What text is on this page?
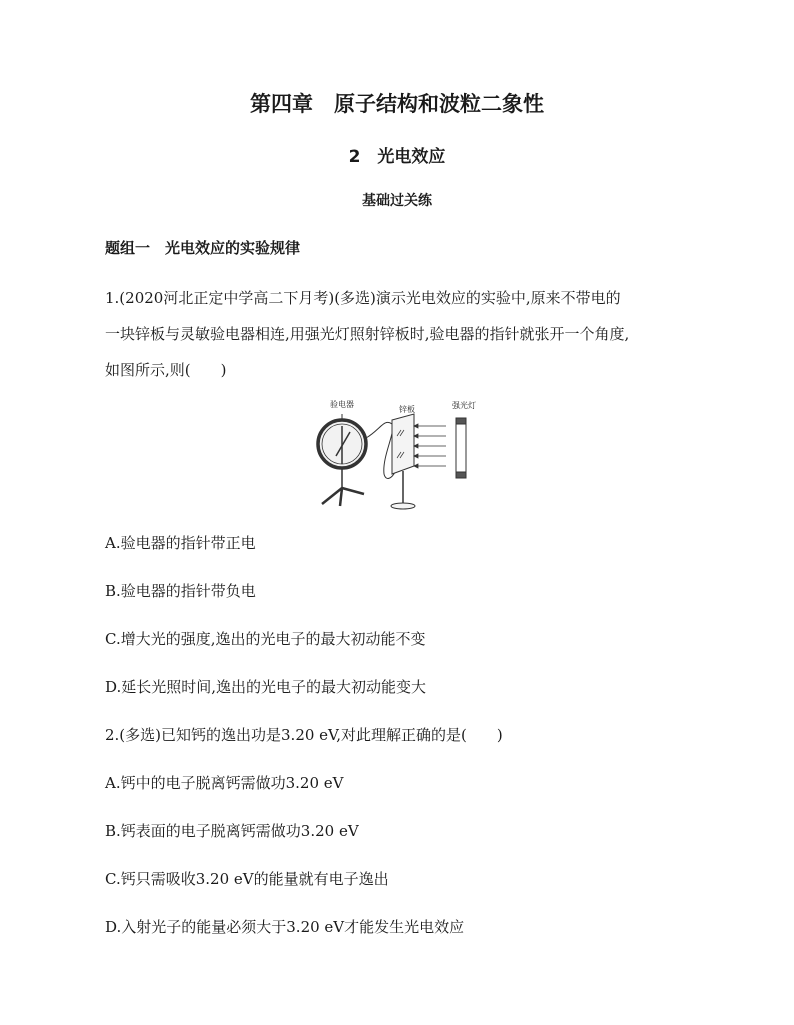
第四章　原子结构和波粒二象性
2　光电效应
基础过关练
题组一　光电效应的实验规律
1.(2020河北正定中学高二下月考)(多选)演示光电效应的实验中,原来不带电的
一块锌板与灵敏验电器相连,用强光灯照射锌板时,验电器的指针就张开一个角度,
如图所示,则(　　)
验电器
锌板	强光灯
A.验电器的指针带正电
B.验电器的指针带负电
C.增大光的强度,逸出的光电子的最大初动能不变
D.延长光照时间,逸出的光电子的最大初动能变大
2.(多选)已知钙的逸出功是3.20 eV,对此理解正确的是(　　)
A.钙中的电子脱离钙需做功3.20 eV
B.钙表面的电子脱离钙需做功3.20 eV
C.钙只需吸收3.20 eV的能量就有电子逸出
D.入射光子的能量必须大于3.20 eV才能发生光电效应
